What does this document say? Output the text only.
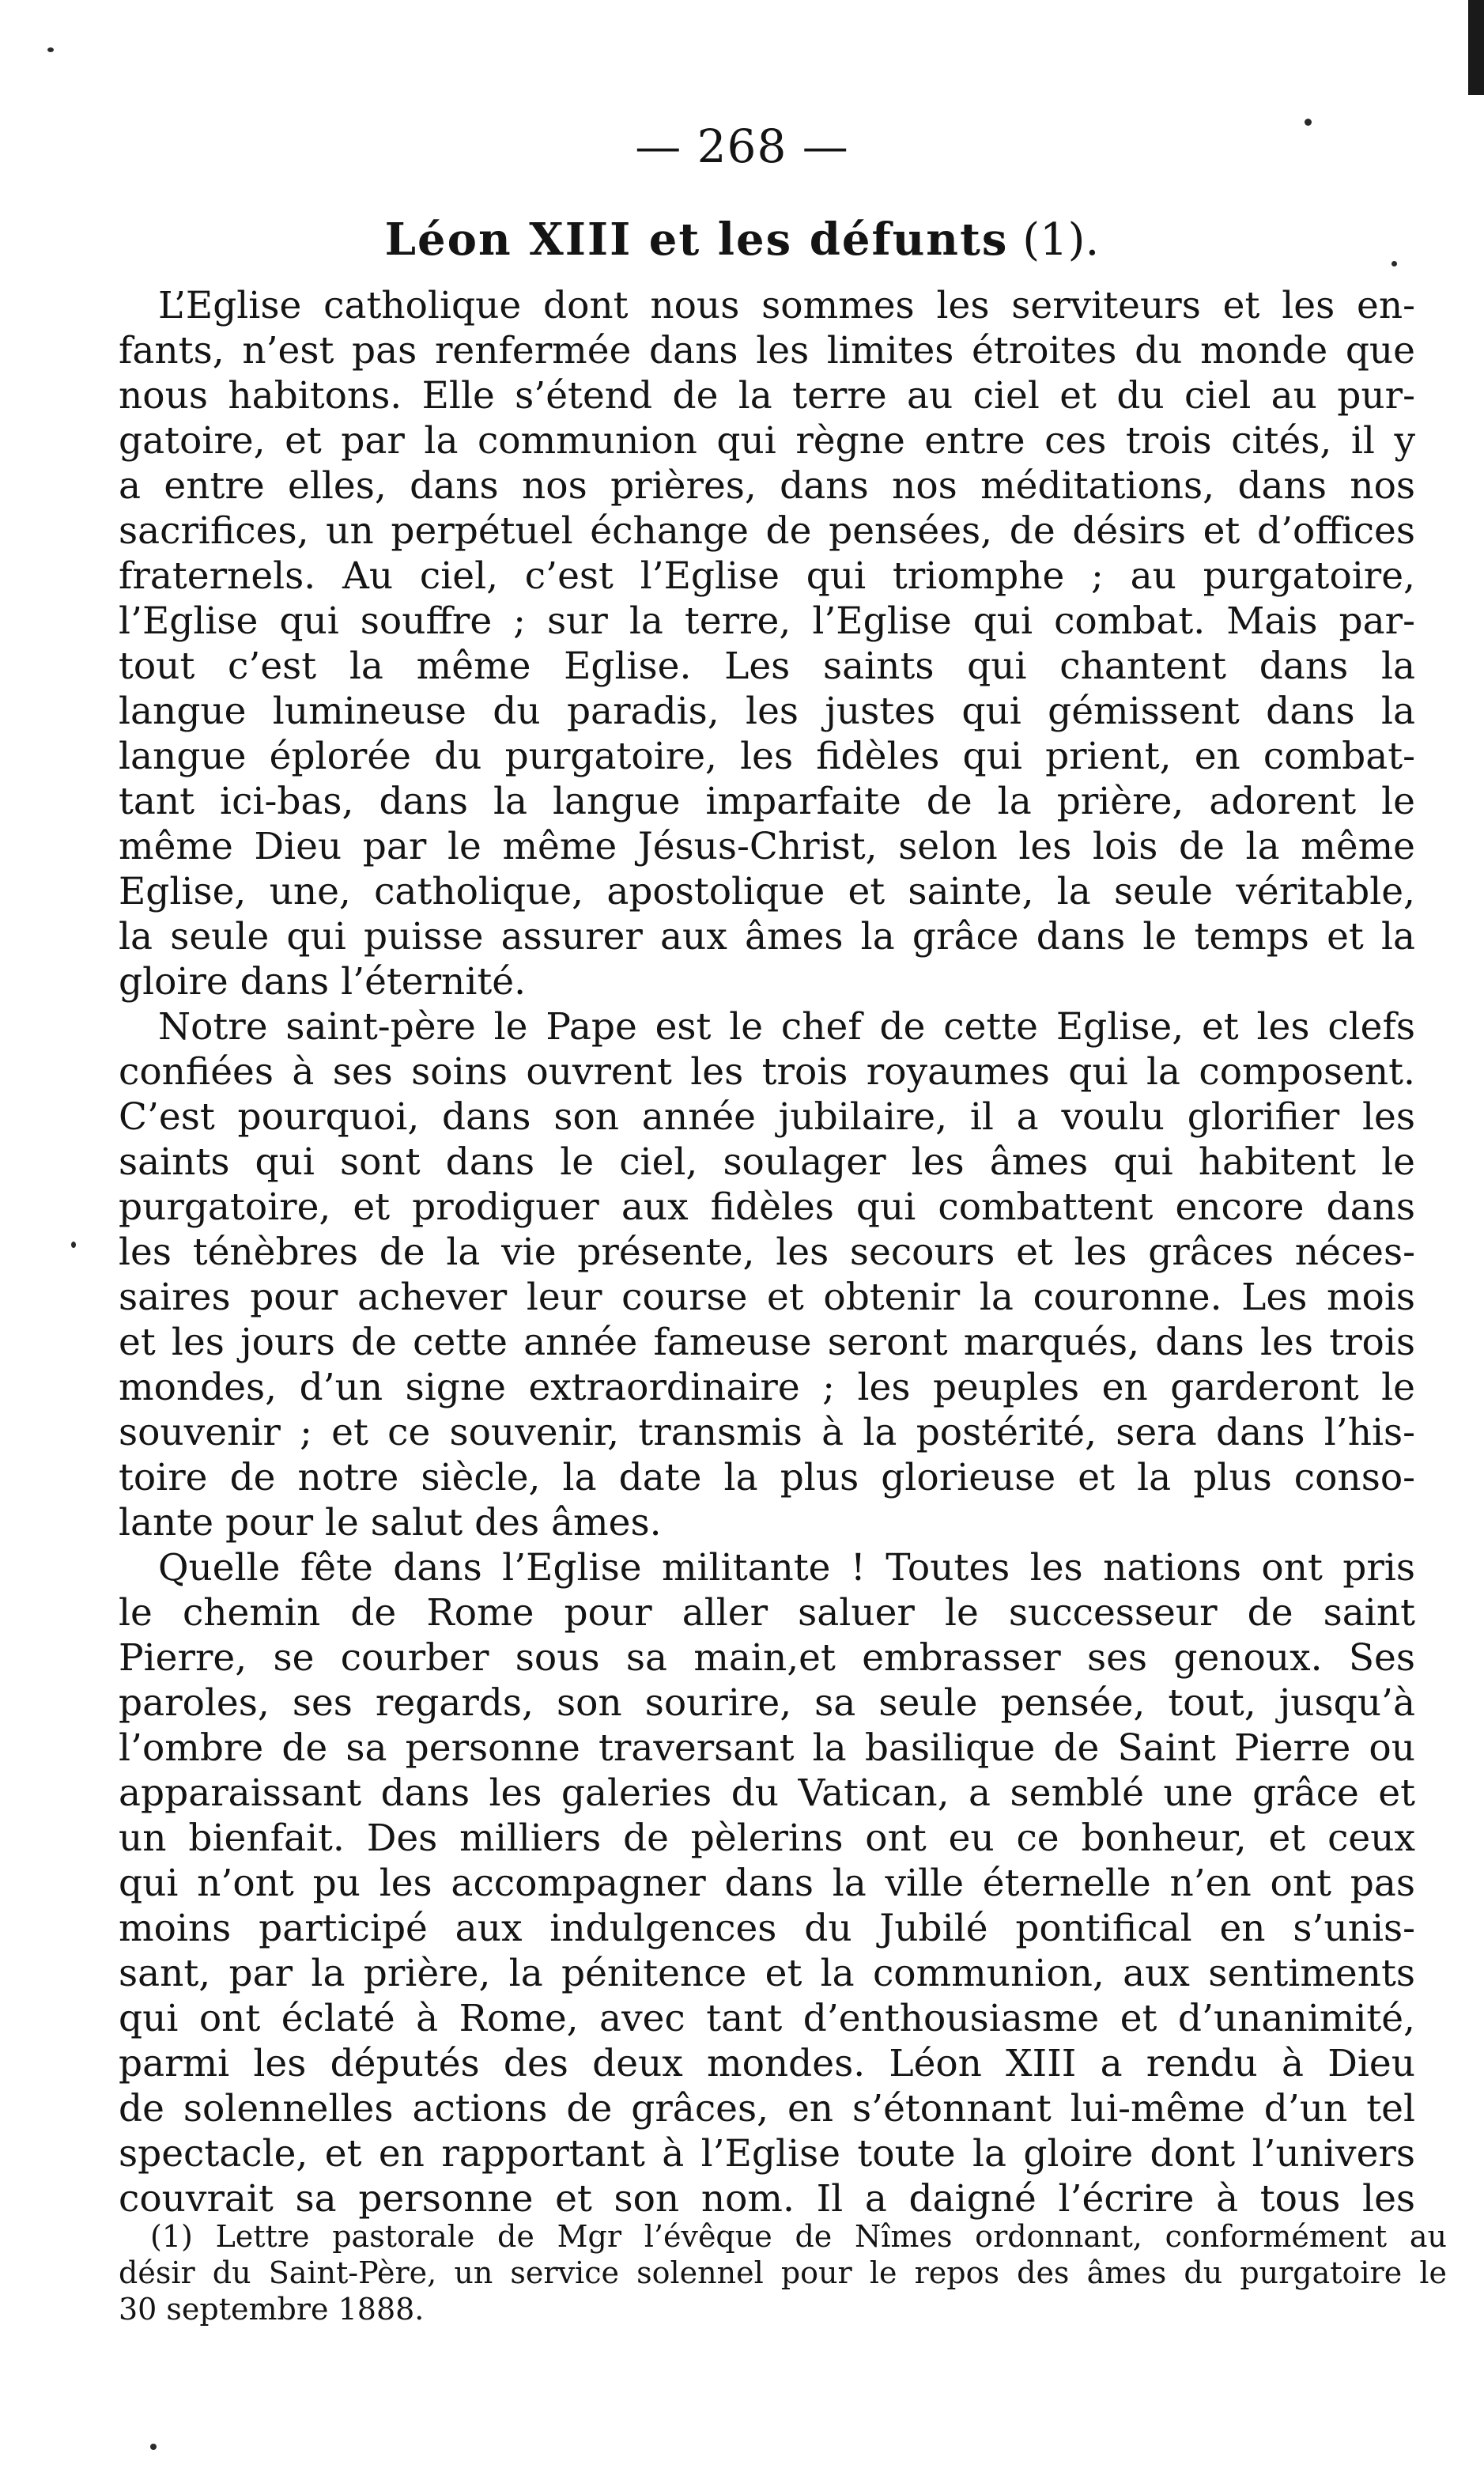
— 268 —
Léon XIII et les défunts (1).
L’Eglise catholique dont nous sommes les serviteurs et les en-
fants, n’est pas renfermée dans les limites étroites du monde que
nous habitons. Elle s’étend de la terre au ciel et du ciel au pur-
gatoire, et par la communion qui règne entre ces trois cités, il y
a entre elles, dans nos prières, dans nos méditations, dans nos
sacrifices, un perpétuel échange de pensées, de désirs et d’offices
fraternels. Au ciel, c’est l’Eglise qui triomphe ; au purgatoire,
l’Eglise qui souffre ; sur la terre, l’Eglise qui combat. Mais par-
tout c’est la même Eglise. Les saints qui chantent dans la
langue lumineuse du paradis, les justes qui gémissent dans la
langue éplorée du purgatoire, les fidèles qui prient, en combat-
tant ici-bas, dans la langue imparfaite de la prière, adorent le
même Dieu par le même Jésus-Christ, selon les lois de la même
Eglise, une, catholique, apostolique et sainte, la seule véritable,
la seule qui puisse assurer aux âmes la grâce dans le temps et la
gloire dans l’éternité.
Notre saint-père le Pape est le chef de cette Eglise, et les clefs
confiées à ses soins ouvrent les trois royaumes qui la composent.
C’est pourquoi, dans son année jubilaire, il a voulu glorifier les
saints qui sont dans le ciel, soulager les âmes qui habitent le
purgatoire, et prodiguer aux fidèles qui combattent encore dans
les ténèbres de la vie présente, les secours et les grâces néces-
saires pour achever leur course et obtenir la couronne. Les mois
et les jours de cette année fameuse seront marqués, dans les trois
mondes, d’un signe extraordinaire ; les peuples en garderont le
souvenir ; et ce souvenir, transmis à la postérité, sera dans l’his-
toire de notre siècle, la date la plus glorieuse et la plus conso-
lante pour le salut des âmes.
Quelle fête dans l’Eglise militante ! Toutes les nations ont pris
le chemin de Rome pour aller saluer le successeur de saint
Pierre, se courber sous sa main,et embrasser ses genoux. Ses
paroles, ses regards, son sourire, sa seule pensée, tout, jusqu’à
l’ombre de sa personne traversant la basilique de Saint Pierre ou
apparaissant dans les galeries du Vatican, a semblé une grâce et
un bienfait. Des milliers de pèlerins ont eu ce bonheur, et ceux
qui n’ont pu les accompagner dans la ville éternelle n’en ont pas
moins participé aux indulgences du Jubilé pontifical en s’unis-
sant, par la prière, la pénitence et la communion, aux sentiments
qui ont éclaté à Rome, avec tant d’enthousiasme et d’unanimité,
parmi les députés des deux mondes. Léon XIII a rendu à Dieu
de solennelles actions de grâces, en s’étonnant lui-même d’un tel
spectacle, et en rapportant à l’Eglise toute la gloire dont l’univers
couvrait sa personne et son nom. Il a daigné l’écrire à tous les
(1) Lettre pastorale de Mgr l’évêque de Nîmes ordonnant, conformément au
désir du Saint-Père, un service solennel pour le repos des âmes du purgatoire le
30 septembre 1888.
